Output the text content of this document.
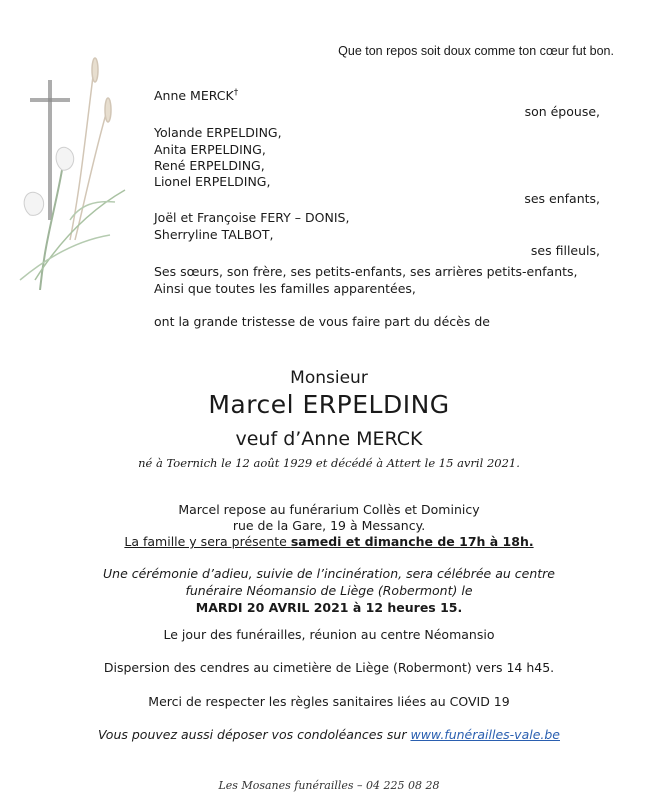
Que ton repos soit doux comme ton cœur fut bon.
Anne MERCK†
son épouse,
Yolande ERPELDING,
Anita ERPELDING,
René ERPELDING,
Lionel ERPELDING,
ses enfants,
Joël et Françoise FERY – DONIS,
Sherryline TALBOT,
ses filleuls,
Ses sœurs, son frère, ses petits-enfants, ses arrières petits-enfants,
Ainsi que toutes les familles apparentées,
ont la grande tristesse de vous faire part du décès de
Monsieur
Marcel ERPELDING
veuf d’Anne MERCK
né à Toernich le 12 août 1929 et décédé à Attert le 15 avril 2021.
Marcel repose au funérarium Collès et Dominicy
rue de la Gare, 19 à Messancy.
La famille y sera présente samedi et dimanche de 17h à 18h.
Une cérémonie d’adieu, suivie de l’incinération, sera célébrée au centre
funéraire Néomansio de Liège (Robermont) le
MARDI 20 AVRIL 2021 à 12 heures 15.
Le jour des funérailles, réunion au centre Néomansio
Dispersion des cendres au cimetière de Liège (Robermont) vers 14 h45.
Merci de respecter les règles sanitaires liées au COVID 19
Vous pouvez aussi déposer vos condoléances sur www.funérailles-vale.be
Les Mosanes funérailles – 04 225 08 28
